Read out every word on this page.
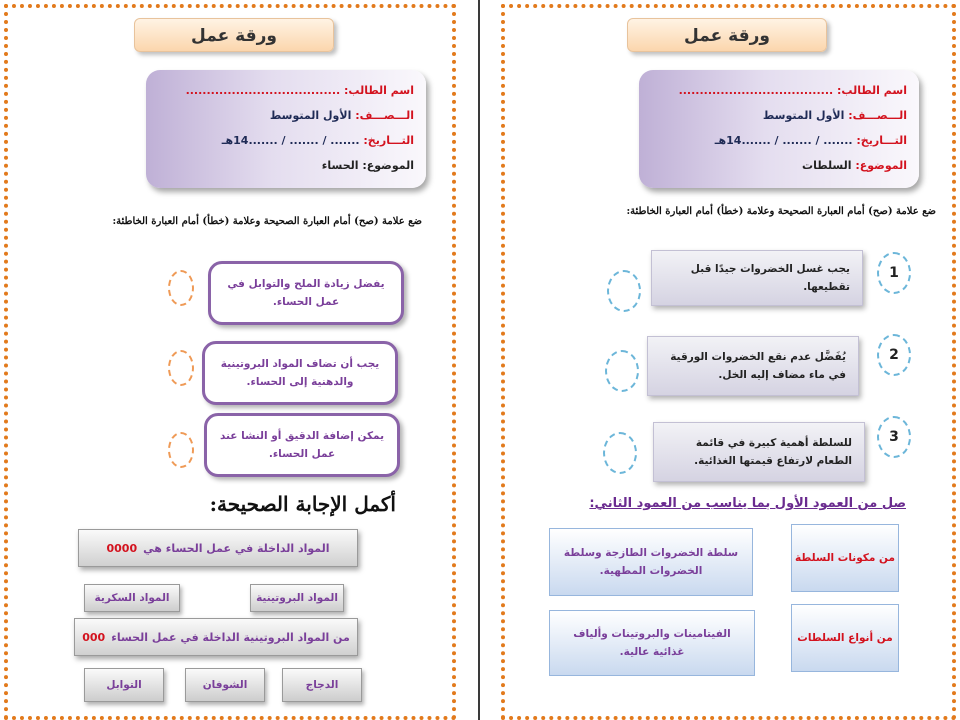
ورقة عمل
اسم الطالب: .....................................
الـــصـــف: الأول المتوسط
التـــاريخ: ....... / ....... / .......14هـ
الموضوع: الحساء
ضع علامة (صح) أمام العبارة الصحيحة وعلامة (خطأ) أمام العبارة الخاطئة:
يفضل زيادة الملح والتوابل في عمل الحساء.
يجب أن تضاف المواد البروتينية والدهنية إلى الحساء.
يمكن إضافة الدقيق أو النشا عند عمل الحساء.
أكمل الإجابة الصحيحة:
المواد الداخلة في عمل الحساء هي
0000
المواد البروتينية
المواد السكرية
من المواد البروتينية الداخلة في عمل الحساء
000
الدجاج
الشوفان
التوابل
ورقة عمل
اسم الطالب: .....................................
الـــصـــف: الأول المتوسط
التـــاريخ: ....... / ....... / .......14هـ
الموضوع: السلطات
ضع علامة (صح) أمام العبارة الصحيحة وعلامة (خطأ) أمام العبارة الخاطئة:
1
يجب غسل الخضروات جيدًا قبل تقطيعها.
2
يُفَضَّل عدم نقع الخضروات الورقية في ماء مضاف إليه الخل.
3
للسلطة أهمية كبيرة في قائمة الطعام لارتفاع قيمتها الغذائية.
صل من العمود الأول بما يناسب من العمود الثاني:
من مكونات السلطة
سلطة الخضروات الطازجة وسلطة الخضروات المطهية.
من أنواع السلطات
الفيتامينات والبروتينات وألياف غذائية عالية.
